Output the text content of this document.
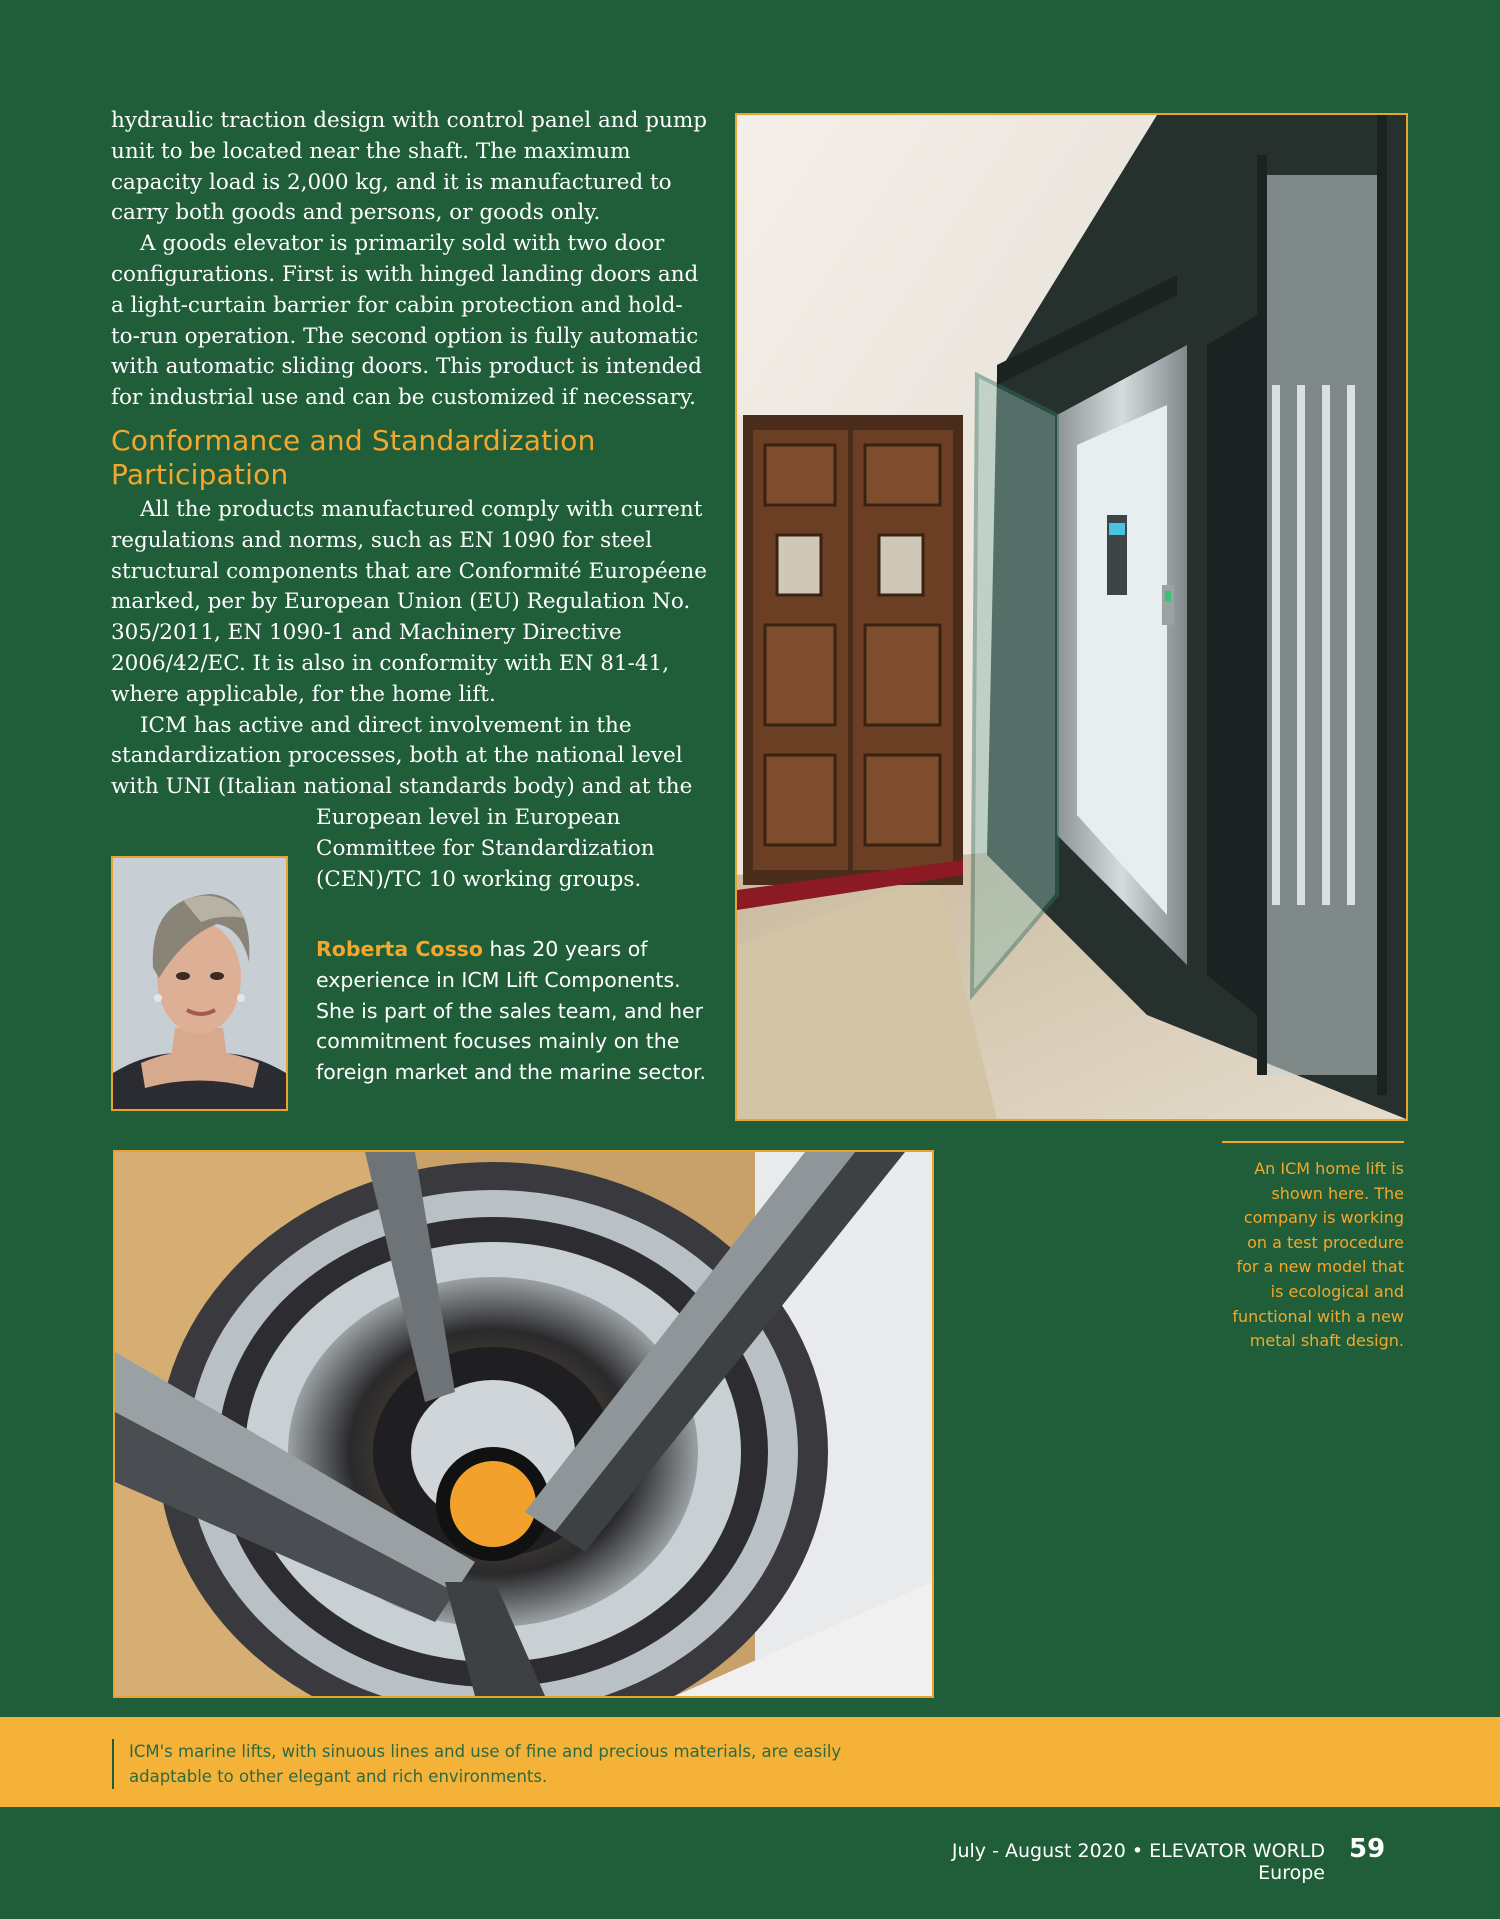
hydraulic traction design with control panel and pump unit to be located near the shaft. The maximum capacity load is 2,000 kg, and it is manufactured to carry both goods and persons, or goods only.

A goods elevator is primarily sold with two door configurations. First is with hinged landing doors and a light-curtain barrier for cabin protection and hold-to-run operation. The second option is fully automatic with automatic sliding doors. This product is intended for industrial use and can be customized if necessary.

Conformance and Standardization
Participation

All the products manufactured comply with current regulations and norms, such as EN 1090 for steel structural components that are Conformité Européene marked, per by European Union (EU) Regulation No. 305/2011, EN 1090-1 and Machinery Directive 2006/42/EC. It is also in conformity with EN 81-41, where applicable, for the home lift.

ICM has active and direct involvement in the standardization processes, both at the national level with UNI (Italian national standards body) and at the

European level in European Committee for Standardization (CEN)/TC 10 working groups.

Roberta Cosso has 20 years of experience in ICM Lift Components. She is part of the sales team, and her commitment focuses mainly on the foreign market and the marine sector.

An ICM home lift is shown here. The company is working on a test procedure for a new model that is ecological and functional with a new metal shaft design.
ICM's marine lifts, with sinuous lines and use of fine and precious materials, are easily adaptable to other elegant and rich environments.
July - August 2020 • ELEVATOR WORLD Europe
59
